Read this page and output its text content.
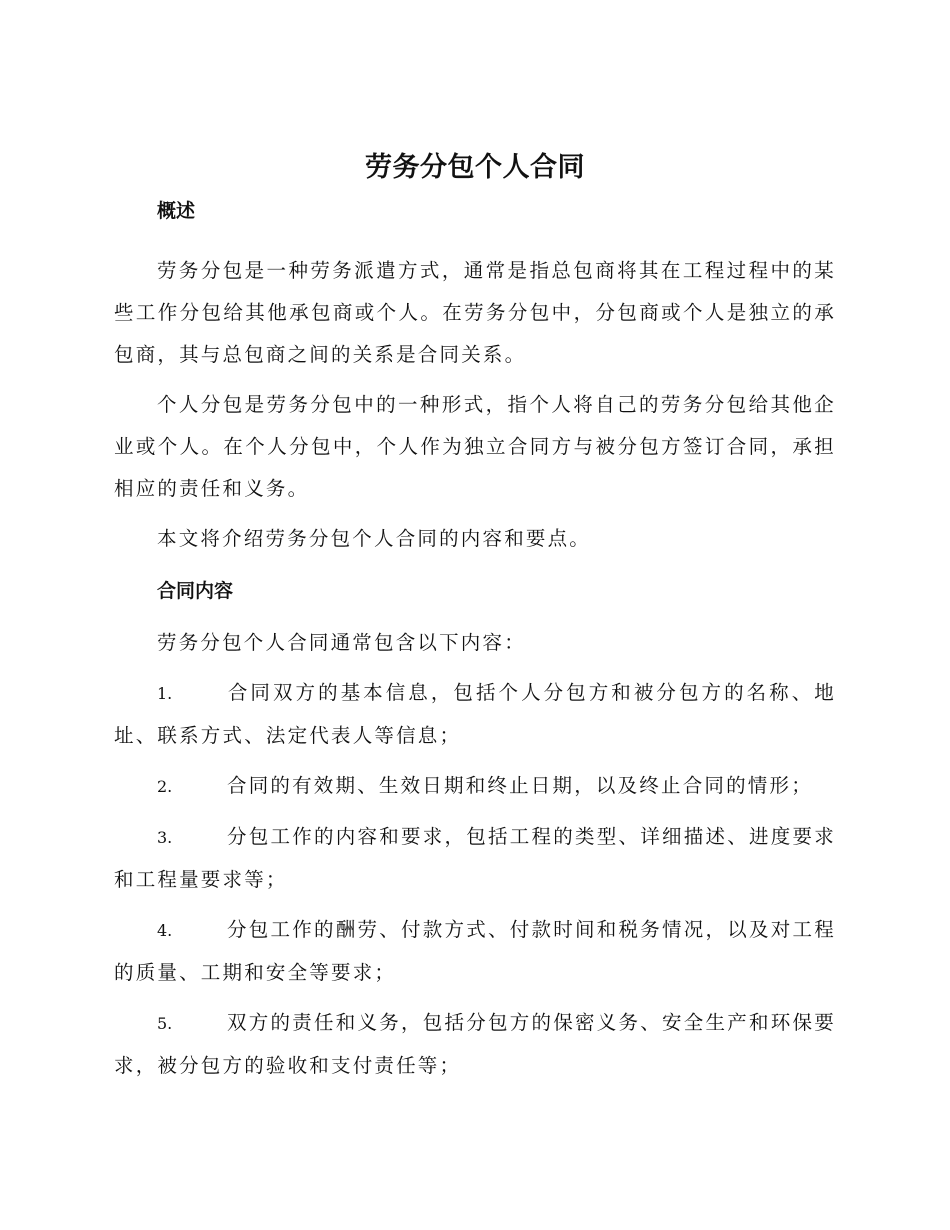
劳务分包个人合同
概述

劳务分包是一种劳务派遣方式，通常是指总包商将其在工程过程中的某些工作分包给其他承包商或个人。在劳务分包中，分包商或个人是独立的承包商，其与总包商之间的关系是合同关系。

个人分包是劳务分包中的一种形式，指个人将自己的劳务分包给其他企业或个人。在个人分包中，个人作为独立合同方与被分包方签订合同，承担相应的责任和义务。

本文将介绍劳务分包个人合同的内容和要点。

合同内容

劳务分包个人合同通常包含以下内容：

1.	合同双方的基本信息，包括个人分包方和被分包方的名称、地址、联系方式、法定代表人等信息；

2.	合同的有效期、生效日期和终止日期，以及终止合同的情形；

3.	分包工作的内容和要求，包括工程的类型、详细描述、进度要求和工程量要求等；

4.	分包工作的酬劳、付款方式、付款时间和税务情况，以及对工程的质量、工期和安全等要求；

5.	双方的责任和义务，包括分包方的保密义务、安全生产和环保要求，被分包方的验收和支付责任等；
